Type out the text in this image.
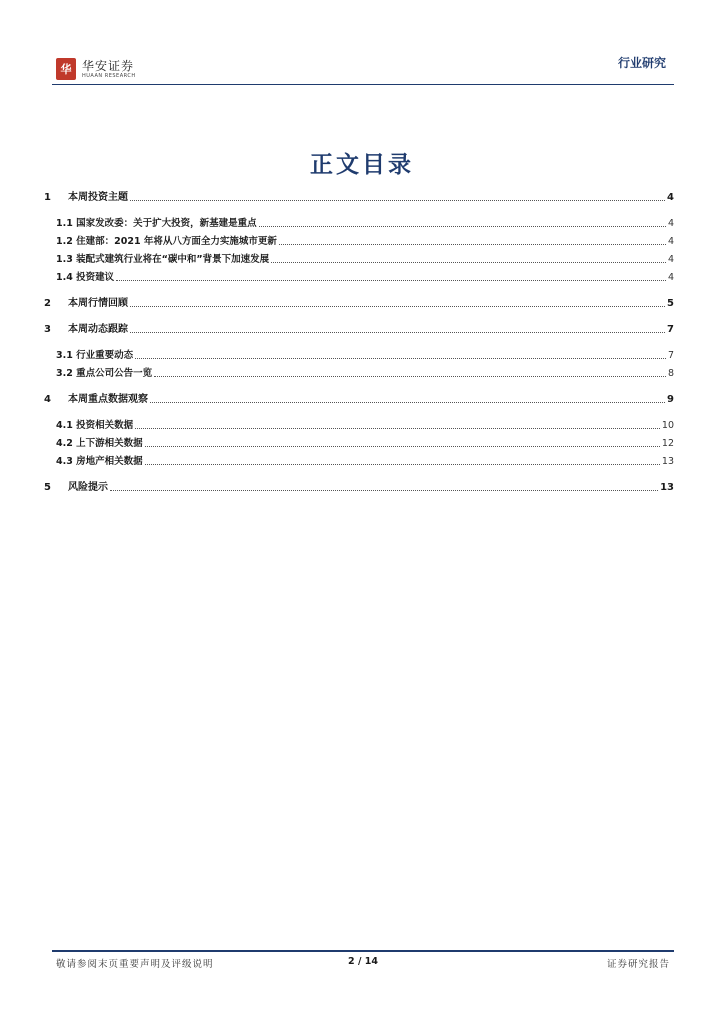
华 华安证券
HUAAN RESEARCH
行业研究
正文目录
1	本周投资主题	4
1.1 国家发改委：关于扩大投资，新基建是重点	4
1.2 住建部：2021 年将从八方面全力实施城市更新	4
1.3 装配式建筑行业将在“碳中和”背景下加速发展	4
1.4 投资建议	4
2	本周行情回顾	5
3	本周动态跟踪	7
3.1 行业重要动态	7
3.2 重点公司公告一览	8
4	本周重点数据观察	9
4.1 投资相关数据	10
4.2 上下游相关数据	12
4.3 房地产相关数据	13
5	风险提示	13
敬请参阅末页重要声明及评级说明	2 / 14	证券研究报告
